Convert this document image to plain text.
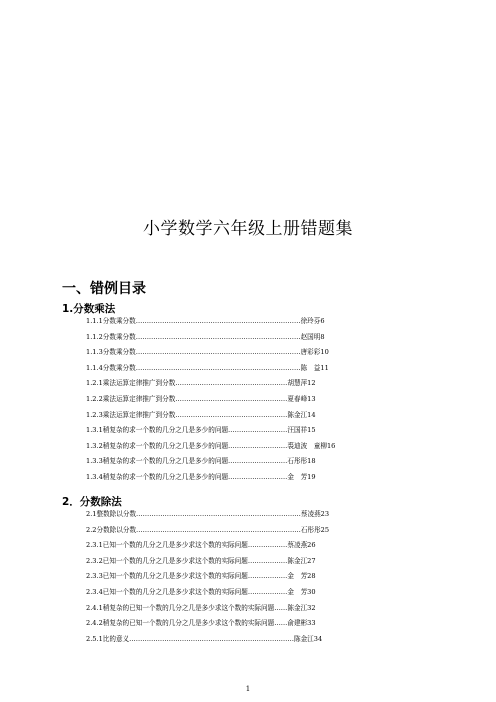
小学数学六年级上册错题集
一、错例目录
1.分数乘法
1.1.1分数乘分数…………………………………………………………………徐玲芬6
1.1.2分数乘分数…………………………………………………………………赵国明8
1.1.3分数乘分数…………………………………………………………………唐彩彩10
1.1.4分数乘分数…………………………………………………………………陈　益11
1.2.1乘法运算定律推广到分数……………………………………………胡慧萍12
1.2.2乘法运算定律推广到分数……………………………………………夏春峰13
1.2.3乘法运算定律推广到分数……………………………………………陈金江14
1.3.1稍复杂的求一个数的几分之几是多少的问题………………………汪国祥15
1.3.2稍复杂的求一个数的几分之几是多少的问题………………………裘迪波　童柳16
1.3.3稍复杂的求一个数的几分之几是多少的问题………………………石彤彤18
1.3.4稍复杂的求一个数的几分之几是多少的问题………………………金　芳19
2．分数除法
2.1整数除以分数…………………………………………………………………蔡凌燕23
2.2分数除以分数…………………………………………………………………石彤彤25
2.3.1已知一个数的几分之几是多少求这个数的实际问题………………蔡凌燕26
2.3.2已知一个数的几分之几是多少求这个数的实际问题………………陈金江27
2.3.3已知一个数的几分之几是多少求这个数的实际问题………………金　芳28
2.3.4已知一个数的几分之几是多少求这个数的实际问题………………金　芳30
2.4.1稍复杂的已知一个数的几分之几是多少求这个数的实际问题……陈金江32
2.4.2稍复杂的已知一个数的几分之几是多少求这个数的实际问题……俞建彬33
2.5.1比的意义…………………………………………………………………陈金江34
1
